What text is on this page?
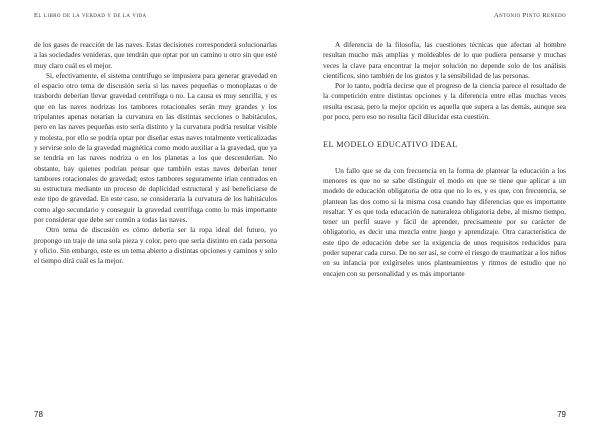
El libro de la verdad y de la vida

de los gases de reacción de las naves. Estas decisiones corresponderá solucionarlas a las sociedades venideras, que tendrán que optar por un camino u otro sin que esté muy claro cuál es el mejor.

Si, efectivamente, el sistema centrífugo se impusiera para generar gravedad en el espacio otro tema de discusión sería si las naves pequeñas o monoplazas o de trasbordo deberían llevar gravedad centrífuga o no. La causa es muy sencilla, y es que en las naves nodrizas los tambores rotacionales serán muy grandes y los tripulantes apenas notarían la curvatura en las distintas secciones o habitáculos, pero en las naves pequeñas esto sería distinto y la curvatura podría resultar visible y molesta, por ello se podría optar por diseñar estas naves totalmente verticalizadas y servirse solo de la gravedad magnética como modo auxiliar a la gravedad, que ya se tendría en las naves nodriza o en los planetas a los que descenderían. No obstante, hay quienes podrían pensar que también estas naves deberían tener tambores rotacionales de gravedad; estos tambores seguramente irían centrados en su estructura mediante un proceso de duplicidad estructural y así beneficiarse de este tipo de gravedad. En este caso, se consideraría la curvatura de los habitáculos como algo secundario y conseguir la gravedad centrífuga como lo más importante por considerar que debe ser común a todas las naves.

Otro tema de discusión es cómo debería ser la ropa ideal del futuro, yo propongo un traje de una sola pieza y color, pero que sería distinto en cada persona y oficio. Sin embargo, este es un tema abierto a distintas opciones y caminos y solo el tiempo dirá cuál es la mejor.

78
Antonio Pinto Renedo

A diferencia de la filosofía, las cuestiones técnicas que afectan al hombre resultan mucho más amplias y moldeables de lo que pudiera pensarse y muchas veces la clave para encontrar la mejor solución no depende solo de los análisis científicos, sino también de los gustos y la sensibilidad de las personas.

Por lo tanto, podría decirse que el progreso de la ciencia parece el resultado de la competición entre distintas opciones y la diferencia entre ellas muchas veces resulta escasa, pero la mejor opción es aquella que supera a las demás, aunque sea por poco, pero eso no resulta fácil dilucidar esta cuestión.

EL MODELO EDUCATIVO IDEAL

Un fallo que se da con frecuencia en la forma de plantear la educación a los menores es que no se sabe distinguir el modo en que se tiene que aplicar a un modelo de educación obligatoria de otra que no lo es, y es que, con frecuencia, se plantean las dos como si la misma cosa cuando hay diferencias que es importante resaltar. Y es que toda educación de naturaleza obligatoria debe, al mismo tiempo, tener un perfil suave y fácil de aprender, precisamente por su carácter de obligatorio, es decir una mezcla entre juego y aprendizaje. Otra característica de este tipo de educación debe ser la exigencia de unos requisitos reducidos para poder superar cada curso. De no ser así, se corre el riesgo de traumatizar a los niños en su infancia por exigírseles unos planteamientos y ritmos de estudio que no encajen con su personalidad y es más importante

79
